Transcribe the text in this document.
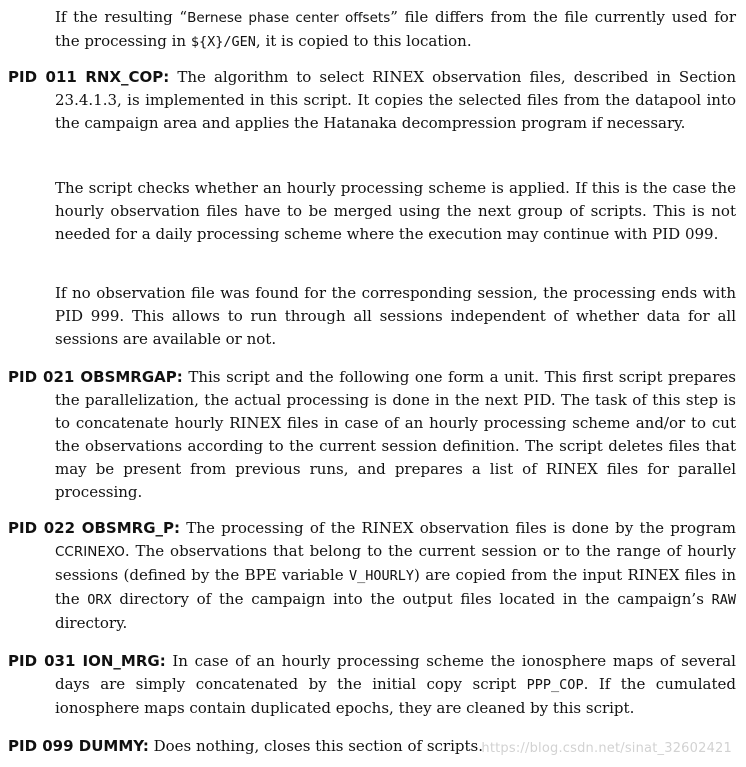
If the resulting “Bernese phase center offsets” file differs from the file currently used for the processing in ${X}/GEN, it is copied to this location.

PID 011 RNX_COP: The algorithm to select RINEX observation files, described in Section 23.4.1.3, is implemented in this script. It copies the selected files from the datapool into the campaign area and applies the Hatanaka decompression program if necessary.

The script checks whether an hourly processing scheme is applied. If this is the case the hourly observation files have to be merged using the next group of scripts. This is not needed for a daily processing scheme where the execution may continue with PID 099.

If no observation file was found for the corresponding session, the processing ends with PID 999. This allows to run through all sessions independent of whether data for all sessions are available or not.

PID 021 OBSMRGAP: This script and the following one form a unit. This first script prepares the parallelization, the actual processing is done in the next PID. The task of this step is to concatenate hourly RINEX files in case of an hourly processing scheme and/or to cut the observations according to the current session definition. The script deletes files that may be present from previous runs, and prepares a list of RINEX files for parallel processing.

PID 022 OBSMRG_P: The processing of the RINEX observation files is done by the program CCRINEXO. The observations that belong to the current session or to the range of hourly sessions (defined by the BPE variable V_HOURLY) are copied from the input RINEX files in the ORX directory of the campaign into the output files located in the campaign’s RAW directory.

PID 031 ION_MRG: In case of an hourly processing scheme the ionosphere maps of several days are simply concatenated by the initial copy script PPP_COP. If the cumulated ionosphere maps contain duplicated epochs, they are cleaned by this script.

PID 099 DUMMY: Does nothing, closes this section of scripts.

https://blog.csdn.net/sinat_32602421
